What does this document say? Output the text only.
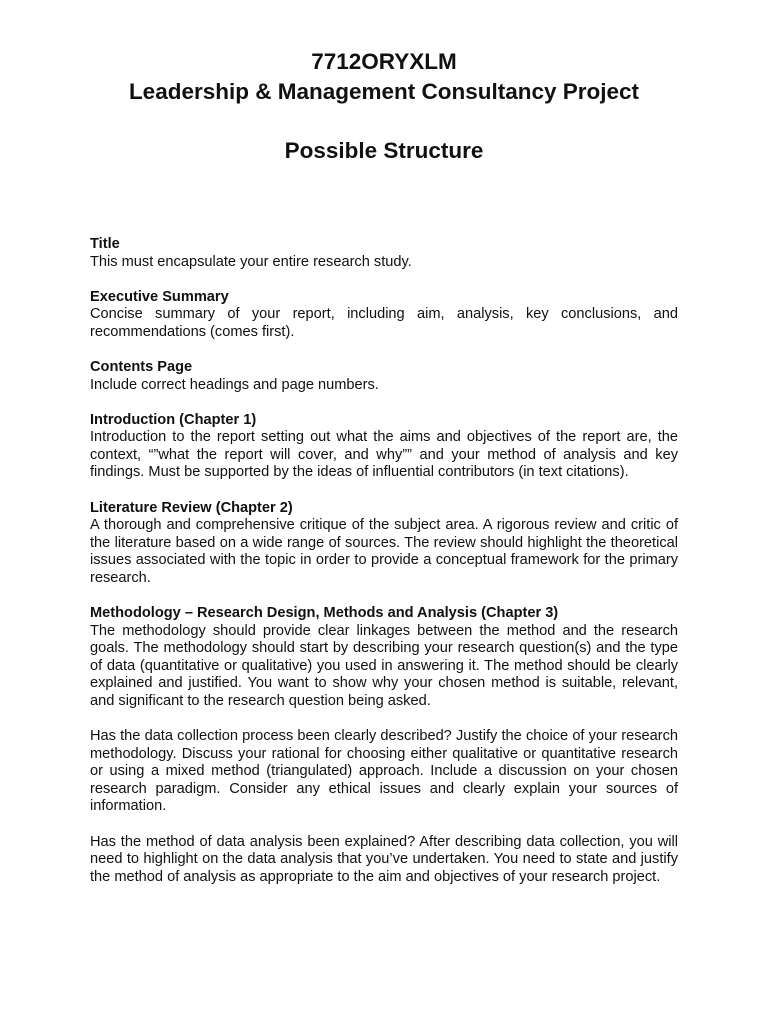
7712ORYXLM
Leadership & Management Consultancy Project
Possible Structure
Title

This must encapsulate your entire research study.

Executive Summary

Concise summary of your report, including aim, analysis, key conclusions, and recommendations (comes first).

Contents Page

Include correct headings and page numbers.

Introduction (Chapter 1)

Introduction to the report setting out what the aims and objectives of the report are, the context, “”what the report will cover, and why”” and your method of analysis and key findings. Must be supported by the ideas of influential contributors (in text citations).

Literature Review (Chapter 2)

A thorough and comprehensive critique of the subject area. A rigorous review and critic of the literature based on a wide range of sources. The review should highlight the theoretical issues associated with the topic in order to provide a conceptual framework for the primary research.

Methodology – Research Design, Methods and Analysis (Chapter 3)

The methodology should provide clear linkages between the method and the research goals. The methodology should start by describing your research question(s) and the type of data (quantitative or qualitative) you used in answering it. The method should be clearly explained and justified. You want to show why your chosen method is suitable, relevant, and significant to the research question being asked.

Has the data collection process been clearly described? Justify the choice of your research methodology. Discuss your rational for choosing either qualitative or quantitative research or using a mixed method (triangulated) approach. Include a discussion on your chosen research paradigm. Consider any ethical issues and clearly explain your sources of information.

Has the method of data analysis been explained? After describing data collection, you will need to highlight on the data analysis that you’ve undertaken. You need to state and justify the method of analysis as appropriate to the aim and objectives of your research project.
